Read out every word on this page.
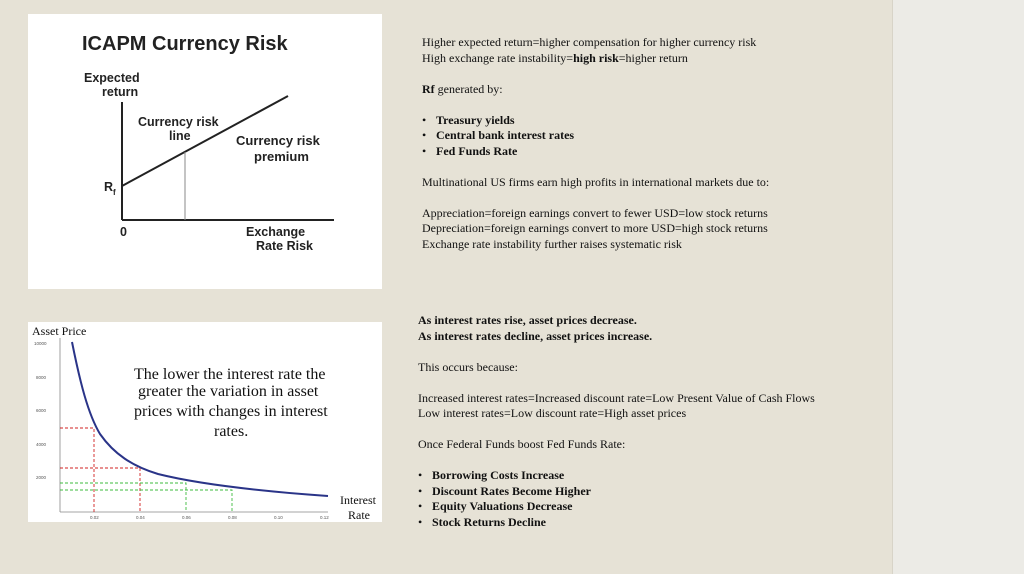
ICAPM Currency Risk
Expected
return
Currency risk
line	Currency risk
premium
R f
0	Exchange
Rate Risk
Asset Price
10000
8000
6000
4000
2000
0.02	0.04	0.06	0.08	0.10	0.12
The lower the interest rate the
greater the variation in asset
prices with changes in interest
rates.
Interest
Rate

Higher expected return=higher compensation for higher currency risk

High exchange rate instability=high risk=higher return

Rf generated by:

• Treasury yields

• Central bank interest rates

• Fed Funds Rate

Multinational US firms earn high profits in international markets due to:

Appreciation=foreign earnings convert to fewer USD=low stock returns

Depreciation=foreign earnings convert to more USD=high stock returns

Exchange rate instability further raises systematic risk

As interest rates rise, asset prices decrease.

As interest rates decline, asset prices increase.

This occurs because:

Increased interest rates=Increased discount rate=Low Present Value of Cash Flows

Low interest rates=Low discount rate=High asset prices

Once Federal Funds boost Fed Funds Rate:

• Borrowing Costs Increase

• Discount Rates Become Higher

• Equity Valuations Decrease

• Stock Returns Decline
